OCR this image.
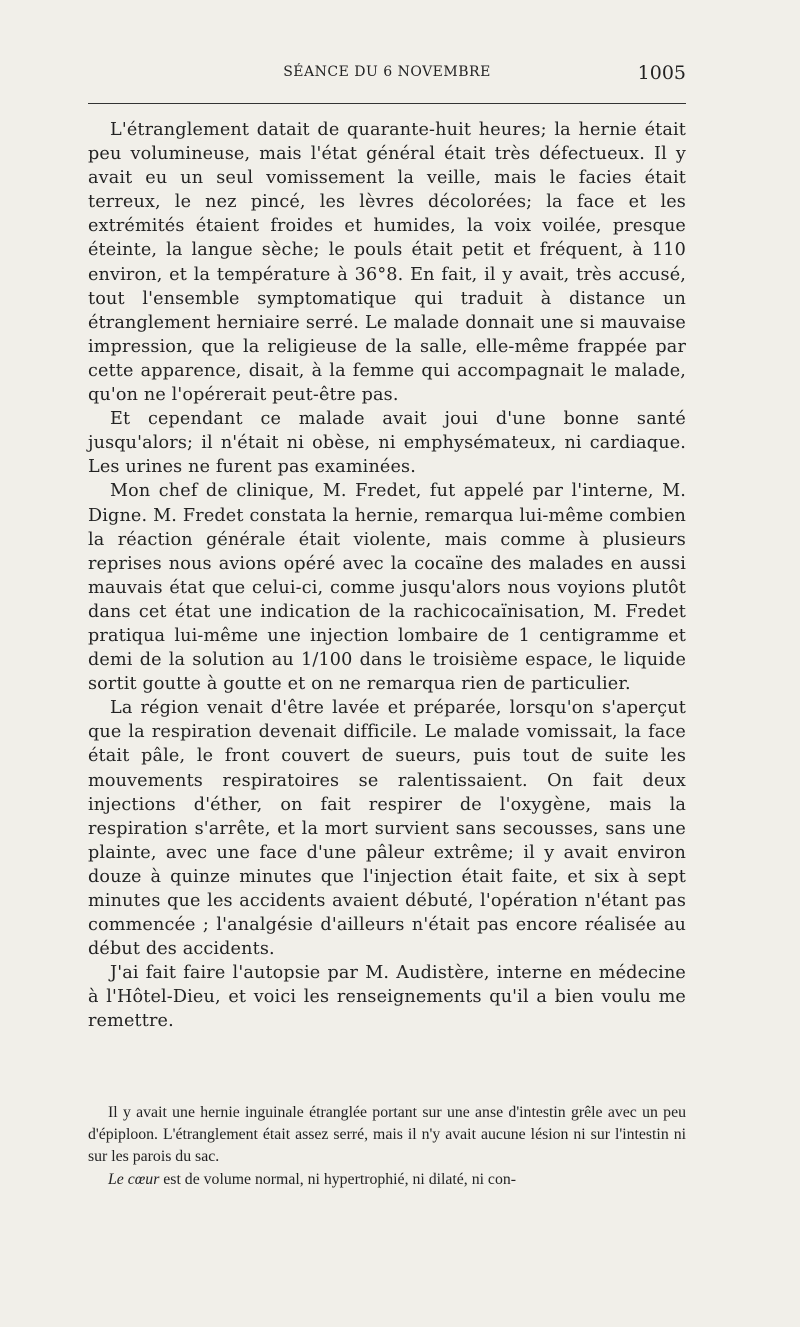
SÉANCE DU 6 NOVEMBRE	1005

L'étranglement datait de quarante-huit heures; la hernie était peu volumineuse, mais l'état général était très défectueux. Il y avait eu un seul vomissement la veille, mais le facies était terreux, le nez pincé, les lèvres décolorées; la face et les extrémités étaient froides et humides, la voix voilée, presque éteinte, la langue sèche; le pouls était petit et fréquent, à 110 environ, et la température à 36°8. En fait, il y avait, très accusé, tout l'ensemble symptomatique qui traduit à distance un étranglement herniaire serré. Le malade donnait une si mauvaise impression, que la religieuse de la salle, elle-même frappée par cette apparence, disait, à la femme qui accompagnait le malade, qu'on ne l'opérerait peut-être pas.

Et cependant ce malade avait joui d'une bonne santé jusqu'alors; il n'était ni obèse, ni emphysémateux, ni cardiaque. Les urines ne furent pas examinées.

Mon chef de clinique, M. Fredet, fut appelé par l'interne, M. Digne. M. Fredet constata la hernie, remarqua lui-même combien la réaction générale était violente, mais comme à plusieurs reprises nous avions opéré avec la cocaïne des malades en aussi mauvais état que celui-ci, comme jusqu'alors nous voyions plutôt dans cet état une indication de la rachicocaïnisation, M. Fredet pratiqua lui-même une injection lombaire de 1 centigramme et demi de la solution au 1/100 dans le troisième espace, le liquide sortit goutte à goutte et on ne remarqua rien de particulier.

La région venait d'être lavée et préparée, lorsqu'on s'aperçut que la respiration devenait difficile. Le malade vomissait, la face était pâle, le front couvert de sueurs, puis tout de suite les mouvements respiratoires se ralentissaient. On fait deux injections d'éther, on fait respirer de l'oxygène, mais la respiration s'arrête, et la mort survient sans secousses, sans une plainte, avec une face d'une pâleur extrême; il y avait environ douze à quinze minutes que l'injection était faite, et six à sept minutes que les accidents avaient débuté, l'opération n'étant pas commencée ; l'analgésie d'ailleurs n'était pas encore réalisée au début des accidents.

J'ai fait faire l'autopsie par M. Audistère, interne en médecine à l'Hôtel-Dieu, et voici les renseignements qu'il a bien voulu me remettre.

Il y avait une hernie inguinale étranglée portant sur une anse d'intestin grêle avec un peu d'épiploon. L'étranglement était assez serré, mais il n'y avait aucune lésion ni sur l'intestin ni sur les parois du sac.

Le cœur est de volume normal, ni hypertrophié, ni dilaté, ni con-
